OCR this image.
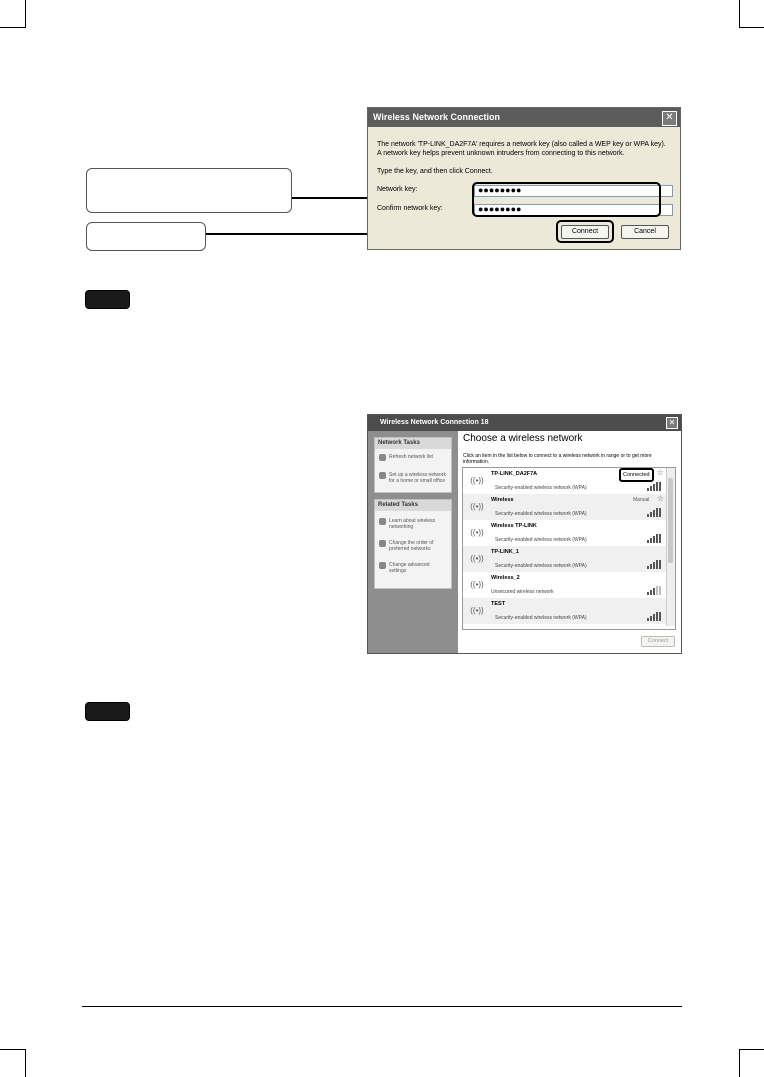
Wireless Network Connection	✕
The network 'TP-LINK_DA2F7A' requires a network key (also called a WEP key or WPA key).
A network key helps prevent unknown intruders from connecting to this network.
Type the key, and then click Connect.
Network key:	●●●●●●●●
Confirm network key:	●●●●●●●●
Connect	Cancel
Wireless Network Connection 18	✕
Network Tasks
Refresh network list
Set up a wireless network
for a home or small office
Related Tasks
Learn about wireless
networking
Change the order of
preferred networks
Change advanced
settings
Choose a wireless network
Click an item in the list below to connect to a wireless network in range or to get more
information.
((•))
TP-LINK_DA2F7A
Security-enabled wireless network (WPA)
Connected ☆
((•))
Wireless
Security-enabled wireless network (WPA)
Manual ☆
((•))
Wireless TP-LINK
Security-enabled wireless network (WPA)
((•))
TP-LINK_1
Security-enabled wireless network (WPA)
((•))
Wireless_2
Unsecured wireless network
((•))
TEST
Security-enabled wireless network (WPA)
Connect
